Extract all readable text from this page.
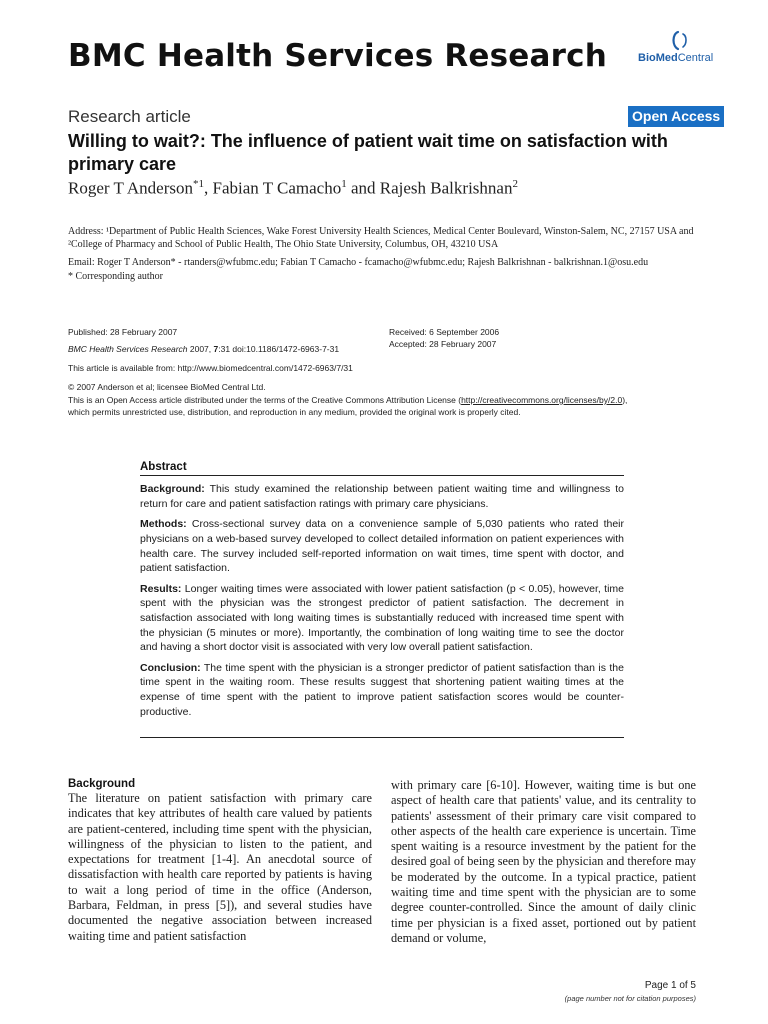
BMC Health Services Research	BioMedCentral
Research article	Open Access
Willing to wait?: The influence of patient wait time on satisfaction with primary care
Roger T Anderson$^{*1}$, Fabian T Camacho$^1$ and Rajesh Balkrishnan$^2$
Address: ¹Department of Public Health Sciences, Wake Forest University Health Sciences, Medical Center Boulevard, Winston-Salem, NC, 27157 USA and ²College of Pharmacy and School of Public Health, The Ohio State University, Columbus, OH, 43210 USA
Email: Roger T Anderson* - rtanders@wfubmc.edu; Fabian T Camacho - fcamacho@wfubmc.edu; Rajesh Balkrishnan - balkrishnan.1@osu.edu
* Corresponding author
Published: 28 February 2007
BMC Health Services Research 2007, 7:31 doi:10.1186/1472-6963-7-31
Received: 6 September 2006
Accepted: 28 February 2007
This article is available from: http://www.biomedcentral.com/1472-6963/7/31
© 2007 Anderson et al; licensee BioMed Central Ltd.
This is an Open Access article distributed under the terms of the Creative Commons Attribution License (http://creativecommons.org/licenses/by/2.0),
which permits unrestricted use, distribution, and reproduction in any medium, provided the original work is properly cited.
Abstract
Background: This study examined the relationship between patient waiting time and willingness to return for care and patient satisfaction ratings with primary care physicians.
Methods: Cross-sectional survey data on a convenience sample of 5,030 patients who rated their physicians on a web-based survey developed to collect detailed information on patient experiences with health care. The survey included self-reported information on wait times, time spent with doctor, and patient satisfaction.
Results: Longer waiting times were associated with lower patient satisfaction (p < 0.05), however, time spent with the physician was the strongest predictor of patient satisfaction. The decrement in satisfaction associated with long waiting times is substantially reduced with increased time spent with the physician (5 minutes or more). Importantly, the combination of long waiting time to see the doctor and having a short doctor visit is associated with very low overall patient satisfaction.
Conclusion: The time spent with the physician is a stronger predictor of patient satisfaction than is the time spent in the waiting room. These results suggest that shortening patient waiting times at the expense of time spent with the patient to improve patient satisfaction scores would be counter-productive.
Background
The literature on patient satisfaction with primary care indicates that key attributes of health care valued by patients are patient-centered, including time spent with the physician, willingness of the physician to listen to the patient, and expectations for treatment [1-4]. An anecdotal source of dissatisfaction with health care reported by patients is having to wait a long period of time in the office (Anderson, Barbara, Feldman, in press [5]), and several studies have documented the negative association between increased waiting time and patient satisfaction
with primary care [6-10]. However, waiting time is but one aspect of health care that patients' value, and its centrality to patients' assessment of their primary care visit compared to other aspects of the health care experience is uncertain. Time spent waiting is a resource investment by the patient for the desired goal of being seen by the physician and therefore may be moderated by the outcome. In a typical practice, patient waiting time and time spent with the physician are to some degree counter-controlled. Since the amount of daily clinic time per physician is a fixed asset, portioned out by patient demand or volume,
Page 1 of 5
(page number not for citation purposes)
